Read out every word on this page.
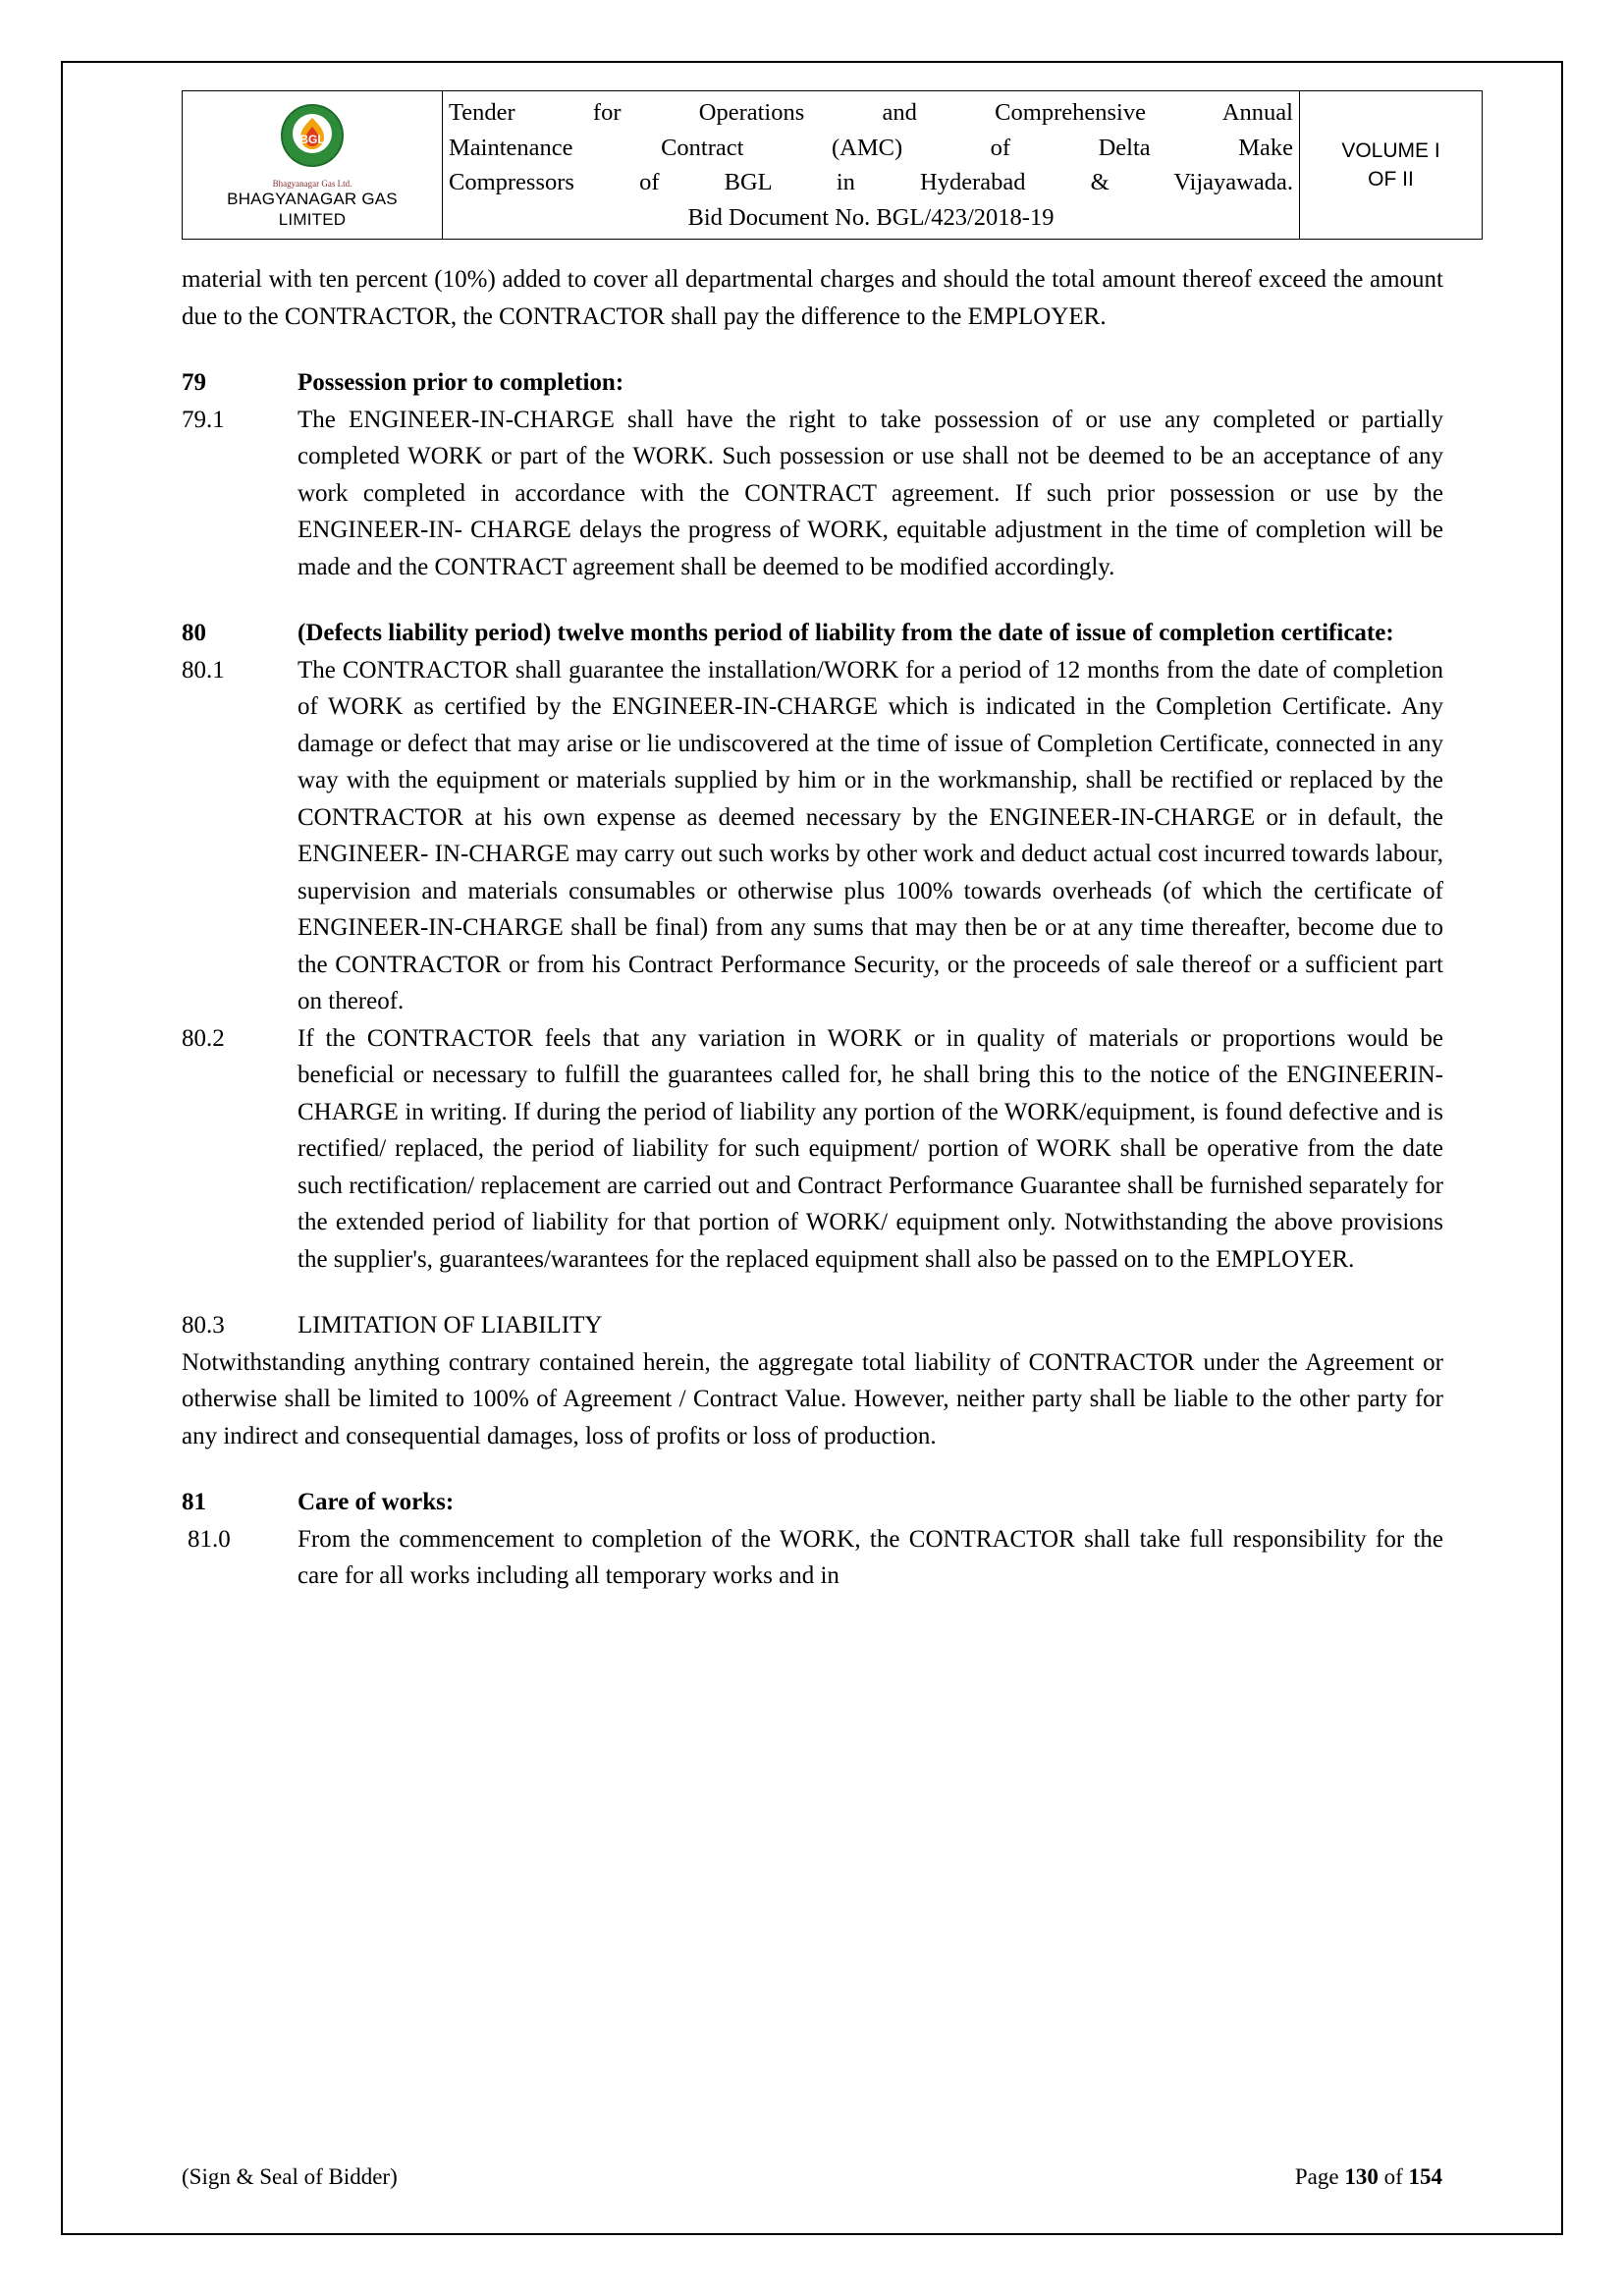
BGL
Bhagyanagar Gas Ltd.
BHAGYANAGAR GAS
LIMITED

Tender for Operations and Comprehensive Annual
Maintenance Contract (AMC) of Delta Make
Compressors of BGL in Hyderabad & Vijayawada.
Bid Document No. BGL/423/2018-19

VOLUME I
OF II

material with ten percent (10%) added to cover all departmental charges and should the total amount thereof exceed the amount due to the CONTRACTOR, the CONTRACTOR shall pay the difference to the EMPLOYER.

79	Possession prior to completion:
79.1	The ENGINEER-IN-CHARGE shall have the right to take possession of or use any completed or partially completed WORK or part of the WORK. Such possession or use shall not be deemed to be an acceptance of any work completed in accordance with the CONTRACT agreement. If such prior possession or use by the ENGINEER-IN- CHARGE delays the progress of WORK, equitable adjustment in the time of completion will be made and the CONTRACT agreement shall be deemed to be modified accordingly.
80	(Defects liability period) twelve months period of liability from the date of issue of completion certificate:
80.1	The CONTRACTOR shall guarantee the installation/WORK for a period of 12 months from the date of completion of WORK as certified by the ENGINEER-IN-CHARGE which is indicated in the Completion Certificate. Any damage or defect that may arise or lie undiscovered at the time of issue of Completion Certificate, connected in any way with the equipment or materials supplied by him or in the workmanship, shall be rectified or replaced by the CONTRACTOR at his own expense as deemed necessary by the ENGINEER-IN-CHARGE or in default, the ENGINEER- IN-CHARGE may carry out such works by other work and deduct actual cost incurred towards labour, supervision and materials consumables or otherwise plus 100% towards overheads (of which the certificate of ENGINEER-IN-CHARGE shall be final) from any sums that may then be or at any time thereafter, become due to the CONTRACTOR or from his Contract Performance Security, or the proceeds of sale thereof or a sufficient part on thereof.
80.2	If the CONTRACTOR feels that any variation in WORK or in quality of materials or proportions would be beneficial or necessary to fulfill the guarantees called for, he shall bring this to the notice of the ENGINEERIN- CHARGE in writing. If during the period of liability any portion of the WORK/equipment, is found defective and is rectified/ replaced, the period of liability for such equipment/ portion of WORK shall be operative from the date such rectification/ replacement are carried out and Contract Performance Guarantee shall be furnished separately for the extended period of liability for that portion of WORK/ equipment only. Notwithstanding the above provisions the supplier's, guarantees/warantees for the replaced equipment shall also be passed on to the EMPLOYER.
80.3	LIMITATION OF LIABILITY

Notwithstanding anything contrary contained herein, the aggregate total liability of CONTRACTOR under the Agreement or otherwise shall be limited to 100% of Agreement / Contract Value. However, neither party shall be liable to the other party for any indirect and consequential damages, loss of profits or loss of production.

81	Care of works:
81.0	From the commencement to completion of the WORK, the CONTRACTOR shall take full responsibility for the care for all works including all temporary works and in
(Sign & Seal of Bidder)	Page 130 of 154
